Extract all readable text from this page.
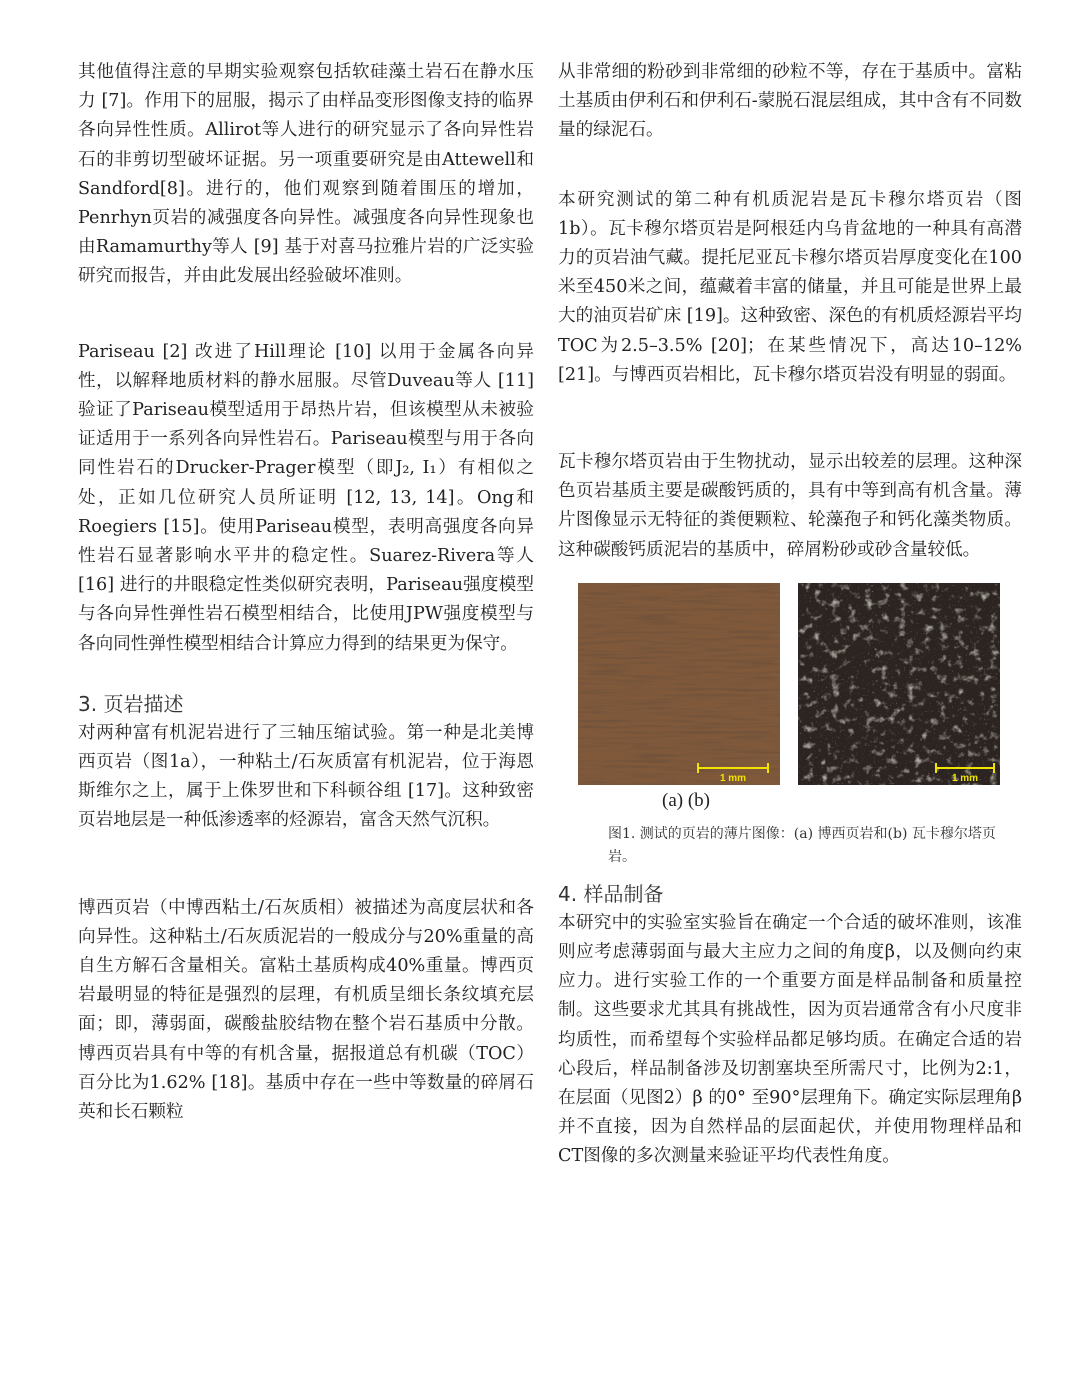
其他值得注意的早期实验观察包括软硅藻土岩石在静水压力 [7]。作用下的屈服，揭示了由样品变形图像支持的临界各向异性性质。Allirot等人进行的研究显示了各向异性岩石的非剪切型破坏证据。另一项重要研究是由Attewell和Sandford[8]。进行的，他们观察到随着围压的增加，Penrhyn页岩的减强度各向异性。减强度各向异性现象也由Ramamurthy等人 [9] 基于对喜马拉雅片岩的广泛实验研究而报告，并由此发展出经验破坏准则。

Pariseau [2] 改进了Hill理论 [10] 以用于金属各向异性，以解释地质材料的静水屈服。尽管Duveau等人 [11] 验证了Pariseau模型适用于昂热片岩，但该模型从未被验证适用于一系列各向异性岩石。Pariseau模型与用于各向同性岩石的Drucker-Prager模型（即J₂, I₁）有相似之处，正如几位研究人员所证明 [12, 13, 14]。Ong和Roegiers [15]。使用Pariseau模型，表明高强度各向异性岩石显著影响水平井的稳定性。Suarez-Rivera等人 [16] 进行的井眼稳定性类似研究表明，Pariseau强度模型与各向异性弹性岩石模型相结合，比使用JPW强度模型与各向同性弹性模型相结合计算应力得到的结果更为保守。

3. 页岩描述

对两种富有机泥岩进行了三轴压缩试验。第一种是北美博西页岩（图1a），一种粘土/石灰质富有机泥岩，位于海恩斯维尔之上，属于上侏罗世和下科顿谷组 [17]。这种致密页岩地层是一种低渗透率的烃源岩，富含天然气沉积。

博西页岩（中博西粘土/石灰质相）被描述为高度层状和各向异性。这种粘土/石灰质泥岩的一般成分与20%重量的高自生方解石含量相关。富粘土基质构成40%重量。博西页岩最明显的特征是强烈的层理，有机质呈细长条纹填充层面；即，薄弱面，碳酸盐胶结物在整个岩石基质中分散。博西页岩具有中等的有机含量，据报道总有机碳（TOC）百分比为1.62% [18]。基质中存在一些中等数量的碎屑石英和长石颗粒

从非常细的粉砂到非常细的砂粒不等，存在于基质中。富粘土基质由伊利石和伊利石-蒙脱石混层组成，其中含有不同数量的绿泥石。

本研究测试的第二种有机质泥岩是瓦卡穆尔塔页岩（图1b）。瓦卡穆尔塔页岩是阿根廷内乌肯盆地的一种具有高潜力的页岩油气藏。提托尼亚瓦卡穆尔塔页岩厚度变化在100米至450米之间，蕴藏着丰富的储量，并且可能是世界上最大的油页岩矿床 [19]。这种致密、深色的有机质烃源岩平均TOC为2.5–3.5% [20]；在某些情况下，高达10–12% [21]。与博西页岩相比，瓦卡穆尔塔页岩没有明显的弱面。

瓦卡穆尔塔页岩由于生物扰动，显示出较差的层理。这种深色页岩基质主要是碳酸钙质的，具有中等到高有机含量。薄片图像显示无特征的粪便颗粒、轮藻孢子和钙化藻类物质。这种碳酸钙质泥岩的基质中，碎屑粉砂或砂含量较低。

1 mm	1 mm
(a) (b)

图1. 测试的页岩的薄片图像：(a) 博西页岩和(b) 瓦卡穆尔塔页岩。

4. 样品制备

本研究中的实验室实验旨在确定一个合适的破坏准则，该准则应考虑薄弱面与最大主应力之间的角度β，以及侧向约束应力。进行实验工作的一个重要方面是样品制备和质量控制。这些要求尤其具有挑战性，因为页岩通常含有小尺度非均质性，而希望每个实验样品都足够均质。在确定合适的岩心段后，样品制备涉及切割塞块至所需尺寸，比例为2:1，在层面（见图2）β 的0° 至90°层理角下。确定实际层理角β 并不直接，因为自然样品的层面起伏，并使用物理样品和CT图像的多次测量来验证平均代表性角度。
